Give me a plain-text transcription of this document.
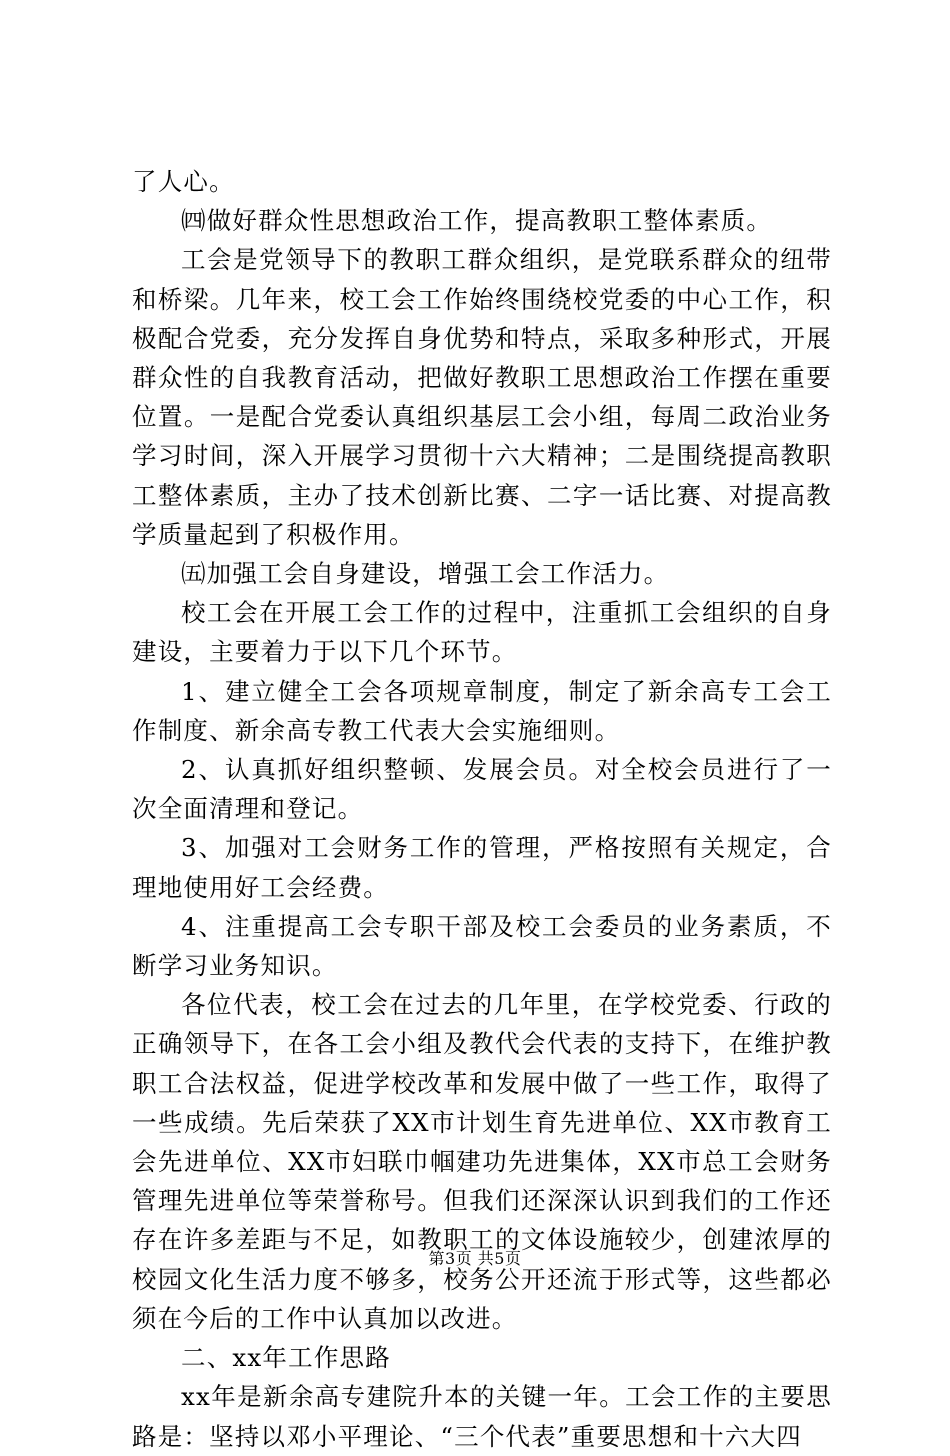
了人心。

㈣做好群众性思想政治工作，提高教职工整体素质。

工会是党领导下的教职工群众组织，是党联系群众的纽带和桥梁。几年来，校工会工作始终围绕校党委的中心工作，积极配合党委，充分发挥自身优势和特点，采取多种形式，开展群众性的自我教育活动，把做好教职工思想政治工作摆在重要位置。一是配合党委认真组织基层工会小组，每周二政治业务学习时间，深入开展学习贯彻十六大精神；二是围绕提高教职工整体素质，主办了技术创新比赛、二字一话比赛、对提高教学质量起到了积极作用。

㈤加强工会自身建设，增强工会工作活力。

校工会在开展工会工作的过程中，注重抓工会组织的自身建设，主要着力于以下几个环节。

1、建立健全工会各项规章制度，制定了新余高专工会工作制度、新余高专教工代表大会实施细则。

2、认真抓好组织整顿、发展会员。对全校会员进行了一次全面清理和登记。

3、加强对工会财务工作的管理，严格按照有关规定，合理地使用好工会经费。

4、注重提高工会专职干部及校工会委员的业务素质，不断学习业务知识。

各位代表，校工会在过去的几年里，在学校党委、行政的正确领导下，在各工会小组及教代会代表的支持下，在维护教职工合法权益，促进学校改革和发展中做了一些工作，取得了一些成绩。先后荣获了XX市计划生育先进单位、XX市教育工会先进单位、XX市妇联巾帼建功先进集体，XX市总工会财务管理先进单位等荣誉称号。但我们还深深认识到我们的工作还存在许多差距与不足，如教职工的文体设施较少，创建浓厚的校园文化生活力度不够多，校务公开还流于形式等，这些都必须在今后的工作中认真加以改进。

二、xx年工作思路

xx年是新余高专建院升本的关键一年。工会工作的主要思路是：坚持以邓小平理论、“三个代表”重要思想和十六大四

第3页 共5页
